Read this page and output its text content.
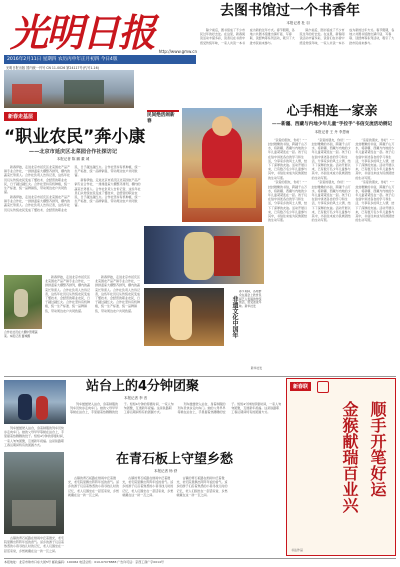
光明日报 http://www.gmw.cn
2016年2月11日 星期四 农历丙申年正月初四 今日4版
光明日报出版 国内统一刊号 CN 11-0026 第24117号(代号1-16)
去图书馆过一个书香年
本报记者 杜 羽

除夕前后，图书馆成了不少市民过年的好去处。在这里，新春阅读活动丰富多彩，读者们在书香中感受传统年味，一家人共读一本书成为新的过年方式。春节假期，各地公共图书馆推出猜灯谜、写春联、读经典等系列活动，吸引了大批市民前来参与。

除夕前后，图书馆成了不少市民过年的好去处。在这里，新春阅读活动丰富多彩，读者们在书香中感受传统年味，一家人共读一本书成为新的过年方式。春节假期，各地公共图书馆推出猜灯谜、写春联、读经典等系列活动，吸引了大批市民前来参与。

新春走基层
“职业农民”奔小康
——北京市延庆区北菜园合作社探访记
本报记者 陈 鹏 董 城

新春伊始，走进北京市延庆区北菜园农产品产销专业合作社，一排排温室大棚整齐排列，棚内的蔬菜长势喜人。合作社负责人告诉记者，这些年社员们从传统农民变成了懂技术、会经营的职业农民，日子越过越红火。合作社坚持有机种植，统一生产标准、统一品牌销售，带动周边农户共同致富。

新春伊始，走进北京市延庆区北菜园农产品产销专业合作社，一排排温室大棚整齐排列，棚内的蔬菜长势喜人。合作社负责人告诉记者，这些年社员们从传统农民变成了懂技术、会经营的职业农民，日子越过越红火。合作社坚持有机种植，统一生产标准、统一品牌销售，带动周边农户共同致富。

新春伊始，走进北京市延庆区北菜园农产品产销专业合作社，一排排温室大棚整齐排列，棚内的蔬菜长势喜人。合作社负责人告诉记者，这些年社员们从传统农民变成了懂技术、会经营的职业农民，日子越过越红火。合作社坚持有机种植，统一生产标准、统一品牌销售，带动周边农户共同致富。

合作社社员在大棚中管理蔬菜。本报记者 董城摄

新春伊始，走进北京市延庆区北菜园农产品产销专业合作社，一排排温室大棚整齐排列，棚内的蔬菜长势喜人。合作社负责人告诉记者，这些年社员们从传统农民变成了懂技术、会经营的职业农民，日子越过越红火。合作社坚持有机种植，统一生产标准、统一品牌销售，带动周边农户共同致富。

新春伊始，走进北京市延庆区北菜园农产品产销专业合作社，一排排温室大棚整齐排列，棚内的蔬菜长势喜人。合作社负责人告诉记者，这些年社员们从传统农民变成了懂技术、会经营的职业农民，日子越过越红火。合作社坚持有机种植，统一生产标准、统一品牌销售，带动周边农户共同致富。

民间绝活闹新春
非遗文化中国年
春节期间，各地群众在庙会上欣赏民间艺人表演的传统绝活，感受浓浓年味。新华社发
新华社发
心手相连一家亲
——新疆、西藏与内地少年儿童“手拉手”书信交流活动侧记
本报记者 王 丹 李思雨

“亲爱的朋友，你好！”一封封稚嫩的书信，跨越千山万水，将新疆、西藏与内地的少年儿童紧紧连在一起。孩子们在信中讲述各自的学习和生活，分享家乡的风土人情，结下了深厚的友谊。活动开展以来，已有数万名少年儿童参与其中，书信往来成为民族团结的生动写照。

“亲爱的朋友，你好！”一封封稚嫩的书信，跨越千山万水，将新疆、西藏与内地的少年儿童紧紧连在一起。孩子们在信中讲述各自的学习和生活，分享家乡的风土人情，结下了深厚的友谊。活动开展以来，已有数万名少年儿童参与其中，书信往来成为民族团结的生动写照。

“亲爱的朋友，你好！”一封封稚嫩的书信，跨越千山万水，将新疆、西藏与内地的少年儿童紧紧连在一起。孩子们在信中讲述各自的学习和生活，分享家乡的风土人情，结下了深厚的友谊。活动开展以来，已有数万名少年儿童参与其中，书信往来成为民族团结的生动写照。

“亲爱的朋友，你好！”一封封稚嫩的书信，跨越千山万水，将新疆、西藏与内地的少年儿童紧紧连在一起。孩子们在信中讲述各自的学习和生活，分享家乡的风土人情，结下了深厚的友谊。活动开展以来，已有数万名少年儿童参与其中，书信往来成为民族团结的生动写照。

“亲爱的朋友，你好！”一封封稚嫩的书信，跨越千山万水，将新疆、西藏与内地的少年儿童紧紧连在一起。孩子们在信中讲述各自的学习和生活，分享家乡的风土人情，结下了深厚的友谊。活动开展以来，已有数万名少年儿童参与其中，书信往来成为民族团结的生动写照。

“亲爱的朋友，你好！”一封封稚嫩的书信，跨越千山万水，将新疆、西藏与内地的少年儿童紧紧连在一起。孩子们在信中讲述各自的学习和生活，分享家乡的风土人情，结下了深厚的友谊。活动开展以来，已有数万名少年儿童参与其中，书信往来成为民族团结的生动写照。

站台上的4分钟团聚
本报记者 李 晋

列车缓缓驶入站台，身着制服的列车员快步走向车门。她的父母早早等候在站台上，手里提着热腾腾的饺子。短短4分钟的停靠时间，一家人匆匆团聚，互道新年祝福。这是铁路职工春运期间特有的团圆方式。

列车缓缓驶入站台，身着制服的列车员快步走向车门。她的父母早早等候在站台上，手里提着热腾腾的饺子。短短4分钟的停靠时间，一家人匆匆团聚，互道新年祝福。这是铁路职工春运期间特有的团圆方式。

列车缓缓驶入站台，身着制服的列车员快步走向车门。她的父母早早等候在站台上，手里提着热腾腾的饺子。短短4分钟的停靠时间，一家人匆匆团聚，互道新年祝福。这是铁路职工春运期间特有的团圆方式。

在青石板上守望乡愁
本报记者 杨 舒

古镇的青石板路在细雨中泛着微光，老宅院里飘出阵阵年饭的香气。返乡的游子们沿着熟悉的小巷寻找儿时的记忆，老人们围坐在一起话家常，乡愁就藏在这一砖一瓦之间。

古镇的青石板路在细雨中泛着微光，老宅院里飘出阵阵年饭的香气。返乡的游子们沿着熟悉的小巷寻找儿时的记忆，老人们围坐在一起话家常，乡愁就藏在这一砖一瓦之间。

古镇的青石板路在细雨中泛着微光，老宅院里飘出阵阵年饭的香气。返乡的游子们沿着熟悉的小巷寻找儿时的记忆，老人们围坐在一起话家常，乡愁就藏在这一砖一瓦之间。

古镇的青石板路在细雨中泛着微光，老宅院里飘出阵阵年饭的香气。返乡的游子们沿着熟悉的小巷寻找儿时的记忆，老人们围坐在一起话家常，乡愁就藏在这一砖一瓦之间。

新春联
顺手开笔好运
金猴献瑞百业兴
书法作品
本报地址：北京市珠市口东大街5号 邮政编码：100062 电话总机：010-67078888 广告许可证：京西工商广字0014号
